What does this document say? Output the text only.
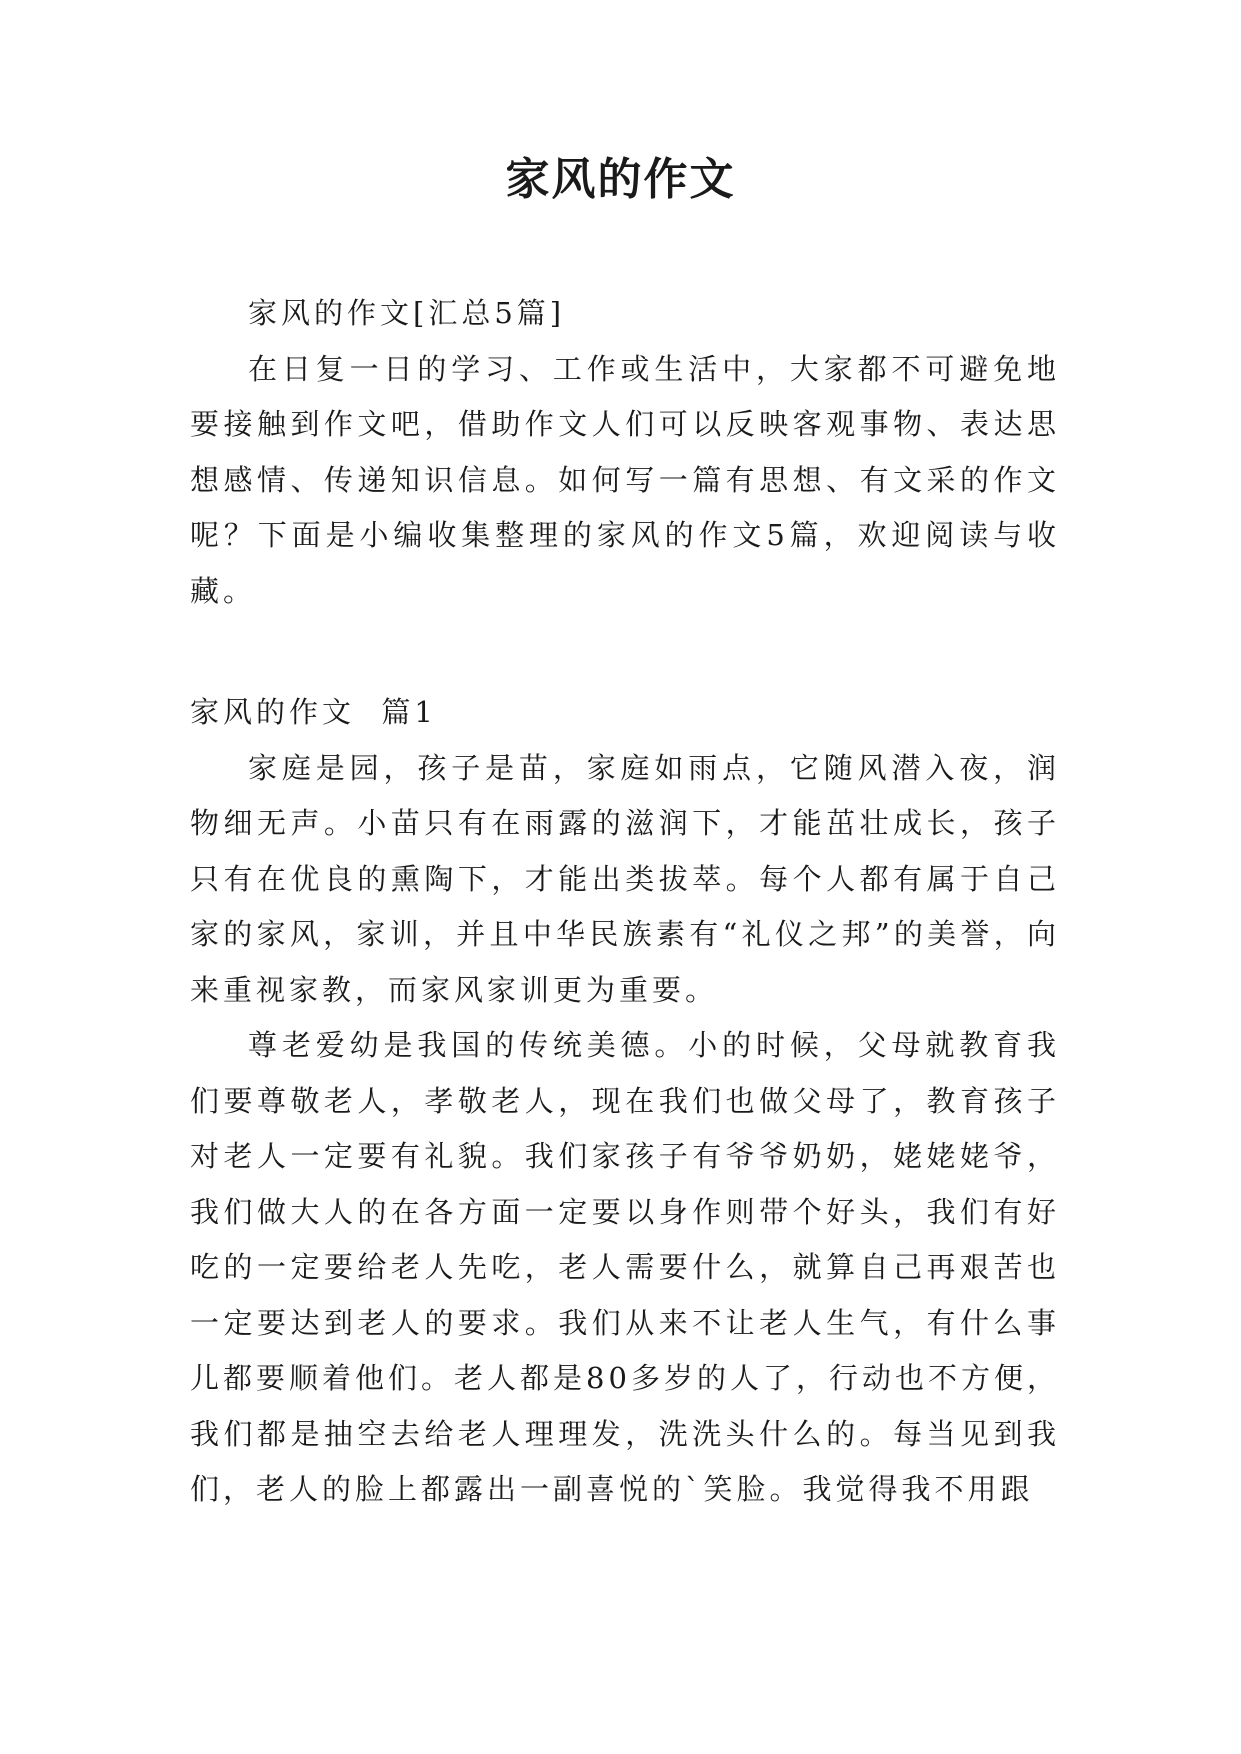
家风的作文

家风的作文[汇总5篇]

在日复一日的学习、工作或生活中，大家都不可避免地要接触到作文吧，借助作文人们可以反映客观事物、表达思想感情、传递知识信息。如何写一篇有思想、有文采的作文呢？下面是小编收集整理的家风的作文5篇，欢迎阅读与收藏。

家风的作文  篇1

家庭是园，孩子是苗，家庭如雨点，它随风潜入夜，润物细无声。小苗只有在雨露的滋润下，才能茁壮成长，孩子只有在优良的熏陶下，才能出类拔萃。每个人都有属于自己家的家风，家训，并且中华民族素有“礼仪之邦”的美誉，向来重视家教，而家风家训更为重要。

尊老爱幼是我国的传统美德。小的时候，父母就教育我们要尊敬老人，孝敬老人，现在我们也做父母了，教育孩子对老人一定要有礼貌。我们家孩子有爷爷奶奶，姥姥姥爷，我们做大人的在各方面一定要以身作则带个好头，我们有好吃的一定要给老人先吃，老人需要什么，就算自己再艰苦也一定要达到老人的要求。我们从来不让老人生气，有什么事儿都要顺着他们。老人都是80多岁的人了，行动也不方便，我们都是抽空去给老人理理发，洗洗头什么的。每当见到我们，老人的脸上都露出一副喜悦的`笑脸。我觉得我不用跟
